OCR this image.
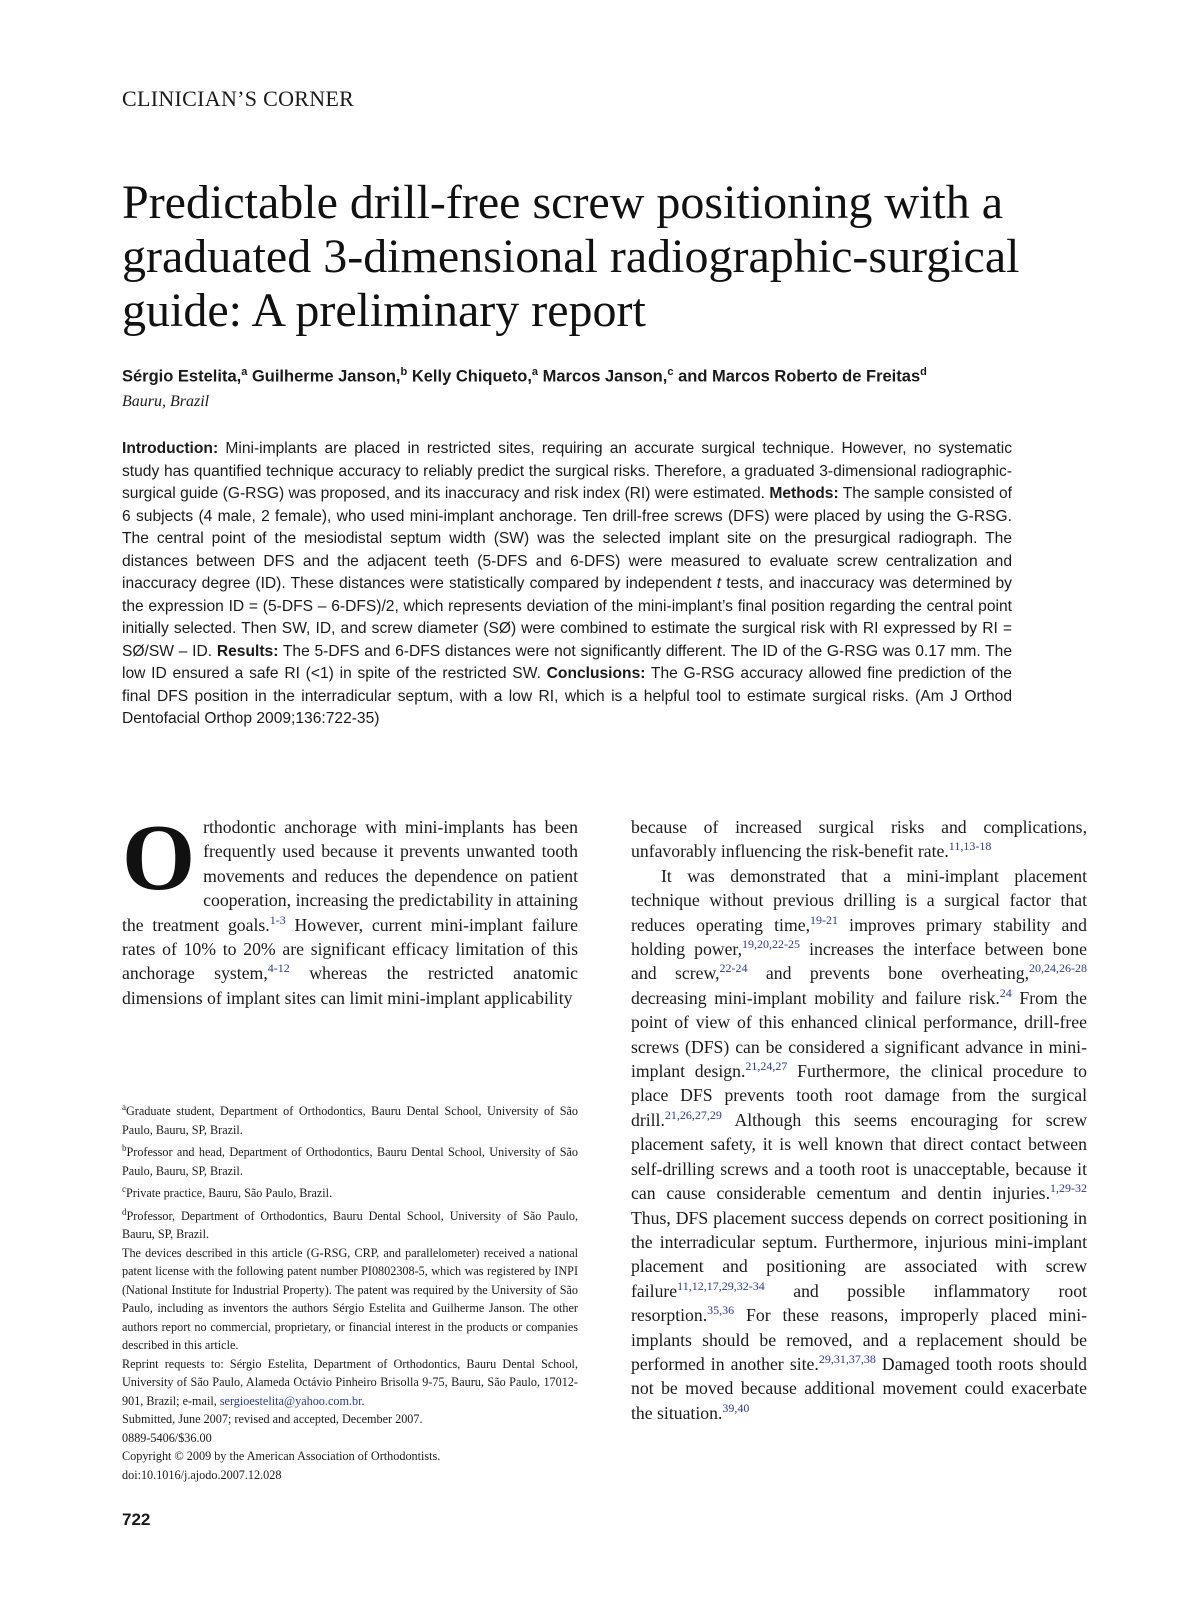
CLINICIAN’S CORNER
Predictable drill-free screw positioning with a graduated 3-dimensional radiographic-surgical guide: A preliminary report
Sérgio Estelita,$^a$ Guilherme Janson,$^b$ Kelly Chiqueto,$^a$ Marcos Janson,$^c$ and Marcos Roberto de Freitas$^d$
Bauru, Brazil

Introduction: Mini-implants are placed in restricted sites, requiring an accurate surgical technique. However, no systematic study has quantified technique accuracy to reliably predict the surgical risks. Therefore, a graduated 3-dimensional radiographic-surgical guide (G-RSG) was proposed, and its inaccuracy and risk index (RI) were estimated. Methods: The sample consisted of 6 subjects (4 male, 2 female), who used mini-implant anchorage. Ten drill-free screws (DFS) were placed by using the G-RSG. The central point of the mesiodistal septum width (SW) was the selected implant site on the presurgical radiograph. The distances between DFS and the adjacent teeth (5-DFS and 6-DFS) were measured to evaluate screw centralization and inaccuracy degree (ID). These distances were statistically compared by independent t tests, and inaccuracy was determined by the expression ID = (5-DFS – 6-DFS)/2, which represents deviation of the mini-implant’s final position regarding the central point initially selected. Then SW, ID, and screw diameter (SØ) were combined to estimate the surgical risk with RI expressed by RI = SØ/SW – ID. Results: The 5-DFS and 6-DFS distances were not significantly different. The ID of the G-RSG was 0.17 mm. The low ID ensured a safe RI (<1) in spite of the restricted SW. Conclusions: The G-RSG accuracy allowed fine prediction of the final DFS position in the interradicular septum, with a low RI, which is a helpful tool to estimate surgical risks. (Am J Orthod Dentofacial Orthop 2009;136:722-35)

Orthodontic anchorage with mini-implants has been frequently used because it prevents unwanted tooth movements and reduces the dependence on patient cooperation, increasing the predictability in attaining the treatment goals.$^{1-3}$ However, current mini-implant failure rates of 10% to 20% are significant efficacy limitation of this anchorage system,$^{4-12}$ whereas the restricted anatomic dimensions of implant sites can limit mini-implant applicability

because of increased surgical risks and complications, unfavorably influencing the risk-benefit rate.$^{11,13-18}$

It was demonstrated that a mini-implant placement technique without previous drilling is a surgical factor that reduces operating time,$^{19-21}$ improves primary stability and holding power,$^{19,20,22-25}$ increases the interface between bone and screw,$^{22-24}$ and prevents bone overheating,$^{20,24,26-28}$ decreasing mini-implant mobility and failure risk.$^{24}$ From the point of view of this enhanced clinical performance, drill-free screws (DFS) can be considered a significant advance in mini-implant design.$^{21,24,27}$ Furthermore, the clinical procedure to place DFS prevents tooth root damage from the surgical drill.$^{21,26,27,29}$ Although this seems encouraging for screw placement safety, it is well known that direct contact between self-drilling screws and a tooth root is unacceptable, because it can cause considerable cementum and dentin injuries.$^{1,29-32}$ Thus, DFS placement success depends on correct positioning in the interradicular septum. Furthermore, injurious mini-implant placement and positioning are associated with screw failure$^{11,12,17,29,32-34}$ and possible inflammatory root resorption.$^{35,36}$ For these reasons, improperly placed mini-implants should be removed, and a replacement should be performed in another site.$^{29,31,37,38}$ Damaged tooth roots should not be moved because additional movement could exacerbate the situation.$^{39,40}$

$^a$Graduate student, Department of Orthodontics, Bauru Dental School, University of São Paulo, Bauru, SP, Brazil.

$^b$Professor and head, Department of Orthodontics, Bauru Dental School, University of São Paulo, Bauru, SP, Brazil.

$^c$Private practice, Bauru, São Paulo, Brazil.

$^d$Professor, Department of Orthodontics, Bauru Dental School, University of São Paulo, Bauru, SP, Brazil.

The devices described in this article (G-RSG, CRP, and parallelometer) received a national patent license with the following patent number PI0802308-5, which was registered by INPI (National Institute for Industrial Property). The patent was required by the University of São Paulo, including as inventors the authors Sérgio Estelita and Guilherme Janson. The other authors report no commercial, proprietary, or financial interest in the products or companies described in this article.

Reprint requests to: Sérgio Estelita, Department of Orthodontics, Bauru Dental School, University of São Paulo, Alameda Octávio Pinheiro Brisolla 9-75, Bauru, São Paulo, 17012-901, Brazil; e-mail, sergioestelita@yahoo.com.br.

Submitted, June 2007; revised and accepted, December 2007.

0889-5406/$36.00

Copyright © 2009 by the American Association of Orthodontists.

doi:10.1016/j.ajodo.2007.12.028

722
